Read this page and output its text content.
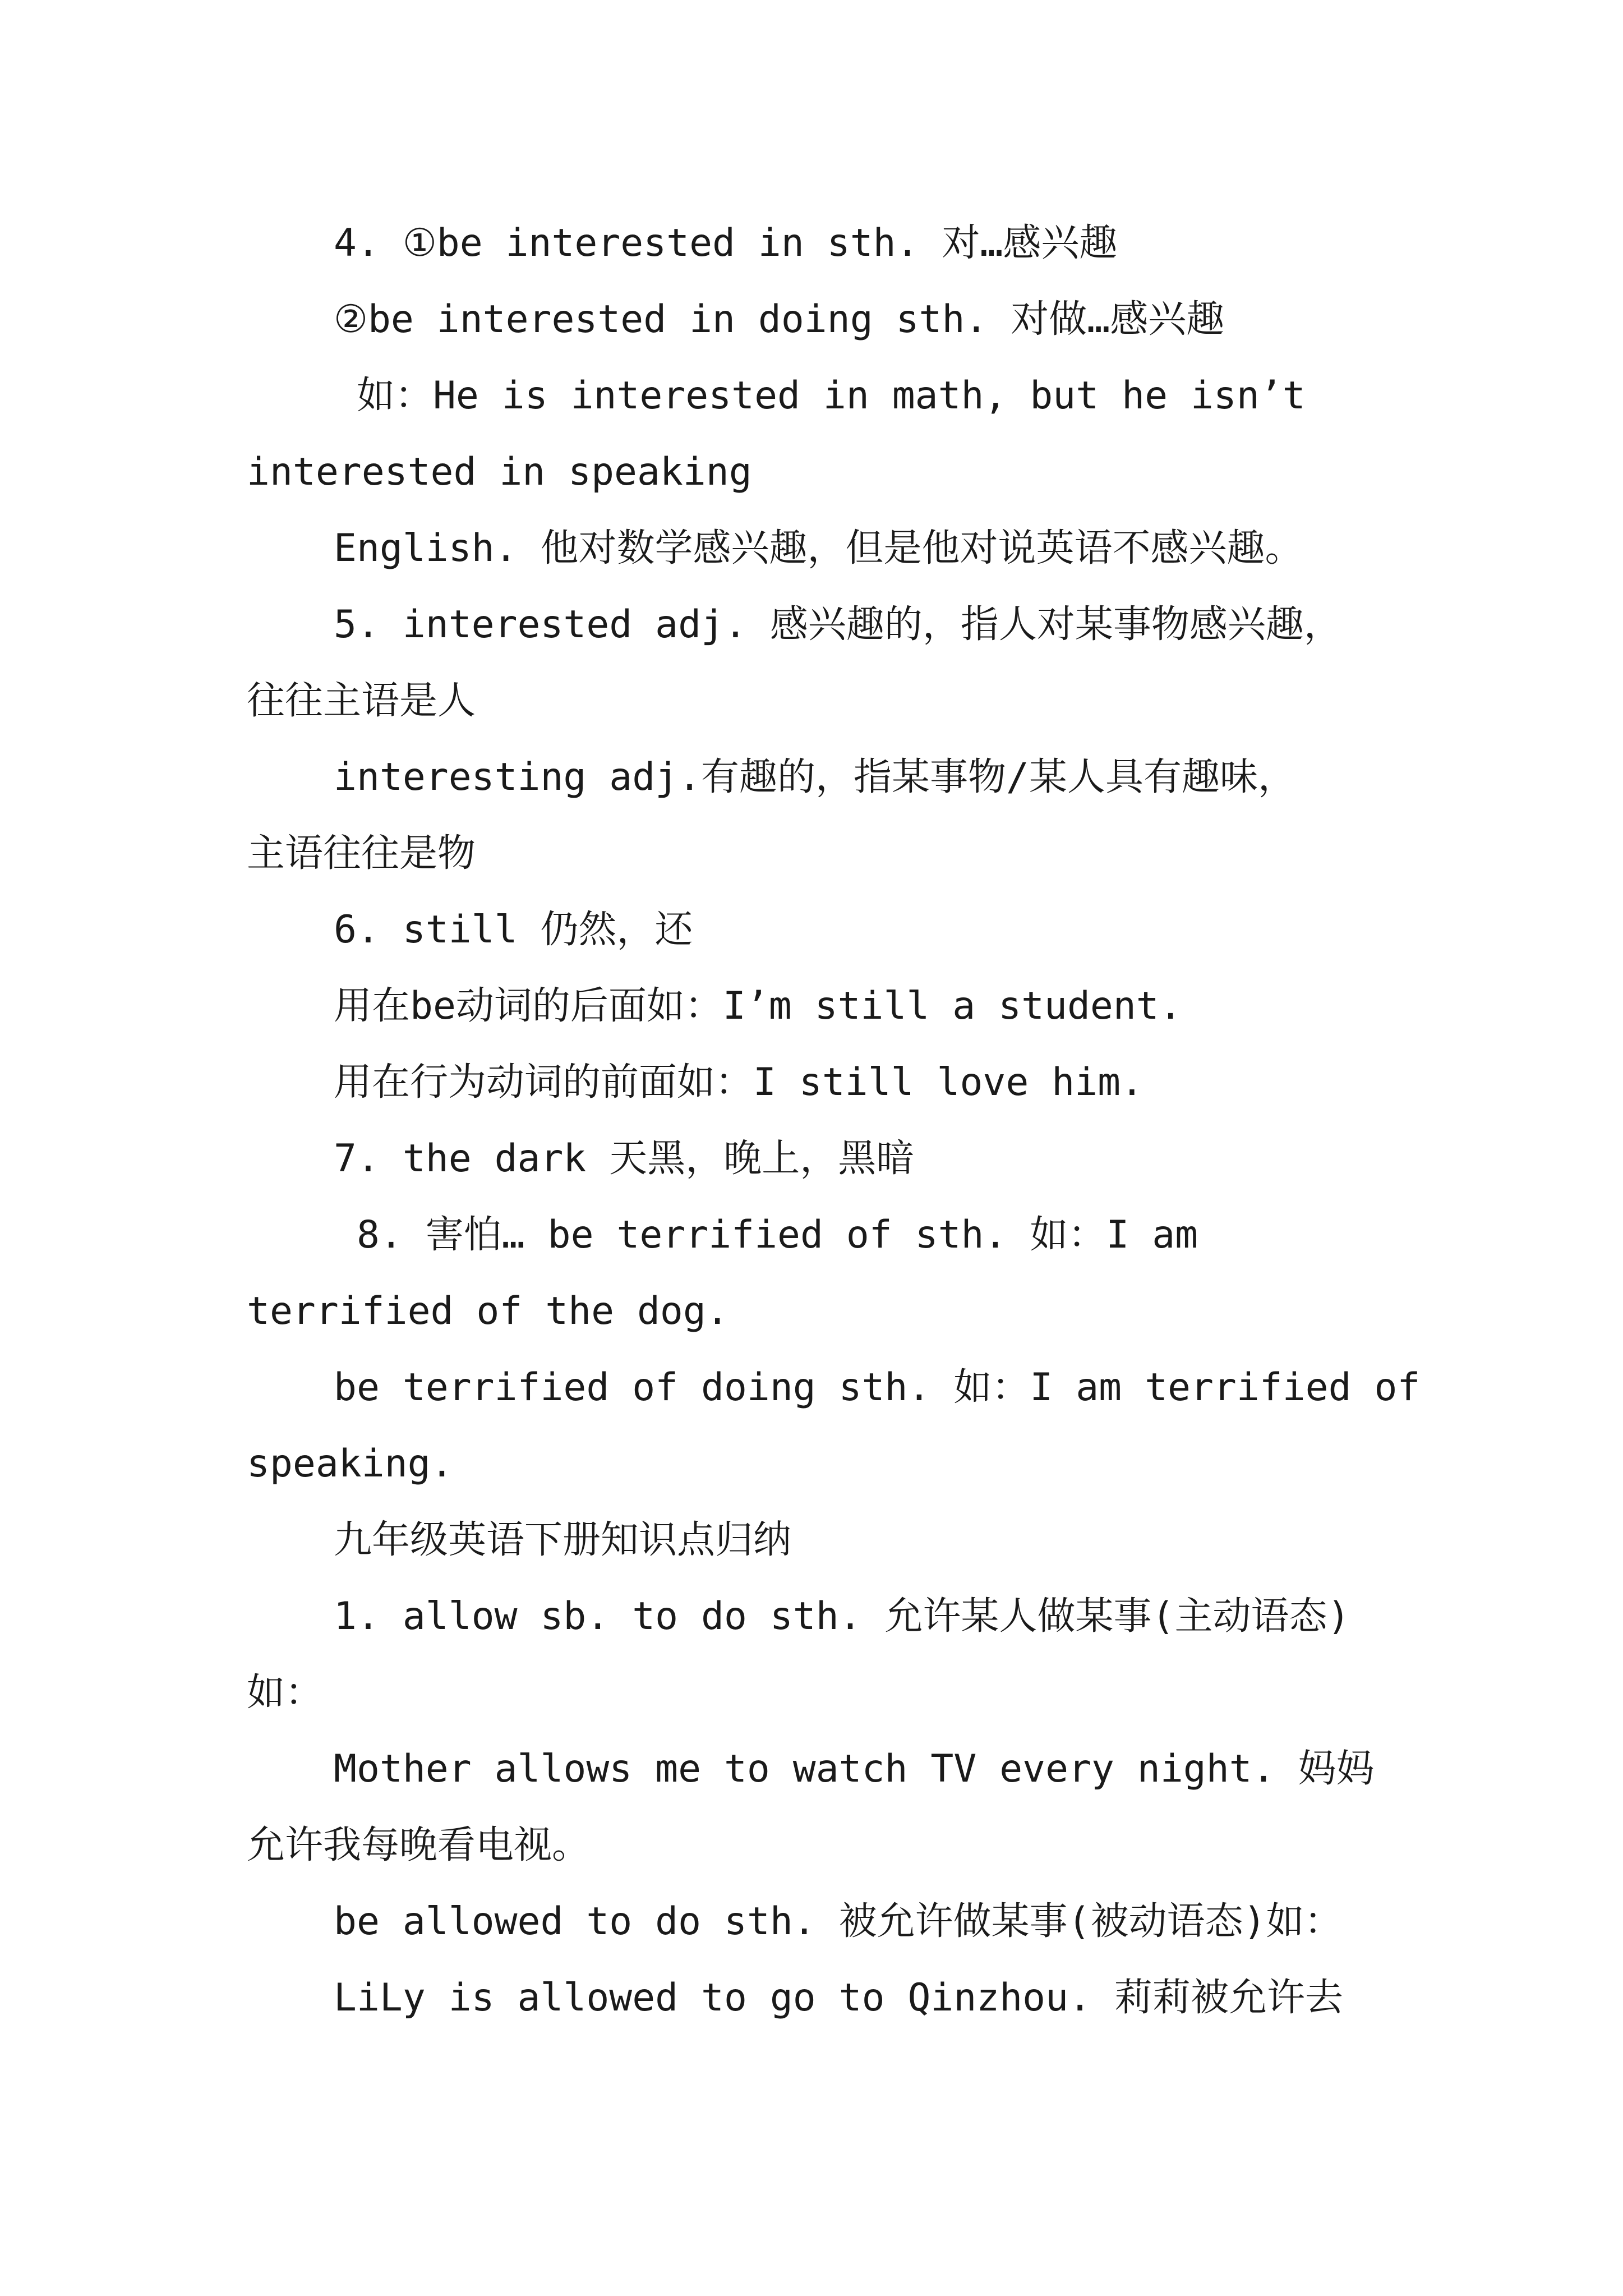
4. ①be interested in sth. 对…感兴趣

②be interested in doing sth. 对做…感兴趣

如：He is interested in math, but he isn’t

interested in speaking

English. 他对数学感兴趣，但是他对说英语不感兴趣。

5. interested adj. 感兴趣的，指人对某事物感兴趣，

往往主语是人

interesting adj.有趣的，指某事物/某人具有趣味，

主语往往是物

6. still 仍然，还

用在be动词的后面如：I’m still a student.

用在行为动词的前面如：I still love him.

7. the dark 天黑，晚上，黑暗

8. 害怕… be terrified of sth. 如：I am

terrified of the dog.

be terrified of doing sth. 如：I am terrified of

speaking.

九年级英语下册知识点归纳

1. allow sb. to do sth. 允许某人做某事(主动语态)

如：

Mother allows me to watch TV every night. 妈妈

允许我每晚看电视。

be allowed to do sth. 被允许做某事(被动语态)如：

LiLy is allowed to go to Qinzhou. 莉莉被允许去
